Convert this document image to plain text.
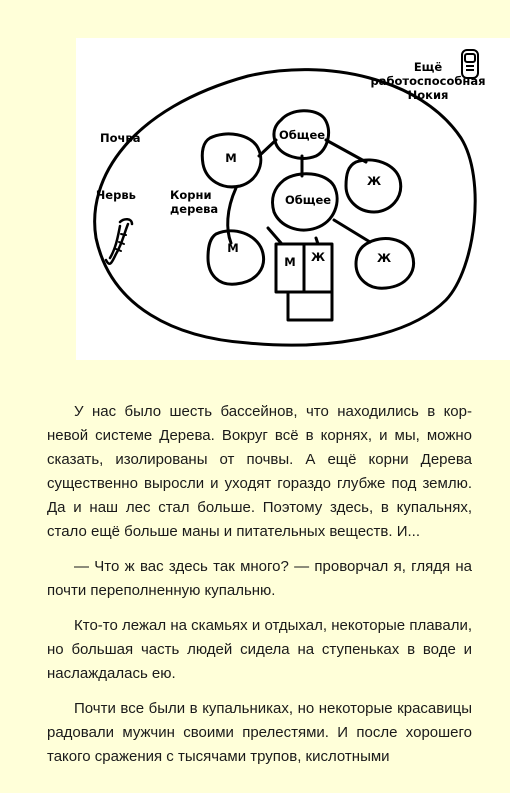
Почва
Червь	Корни
дерева
Ещё
работоспособная
Нокия
Общее
Общее
М
М
Ж
Ж
М Ж

У нас было шесть бассейнов, что находились в корневой системе Дерева. Вокруг всё в корнях, и мы, можно сказать, изолированы от почвы. А ещё корни Дерева существенно выросли и уходят гораздо глубже под землю. Да и наш лес стал больше. Поэтому здесь, в купальнях, стало ещё больше маны и питательных веществ. И...

— Что ж вас здесь так много? — проворчал я, глядя на почти переполненную купальню.

Кто-то лежал на скамьях и отдыхал, некоторые плавали, но большая часть людей сидела на ступеньках в воде и наслаждалась ею.

Почти все были в купальниках, но некоторые красавицы радовали мужчин своими прелестями. И после хорошего такого сражения с тысячами трупов, кислотными
